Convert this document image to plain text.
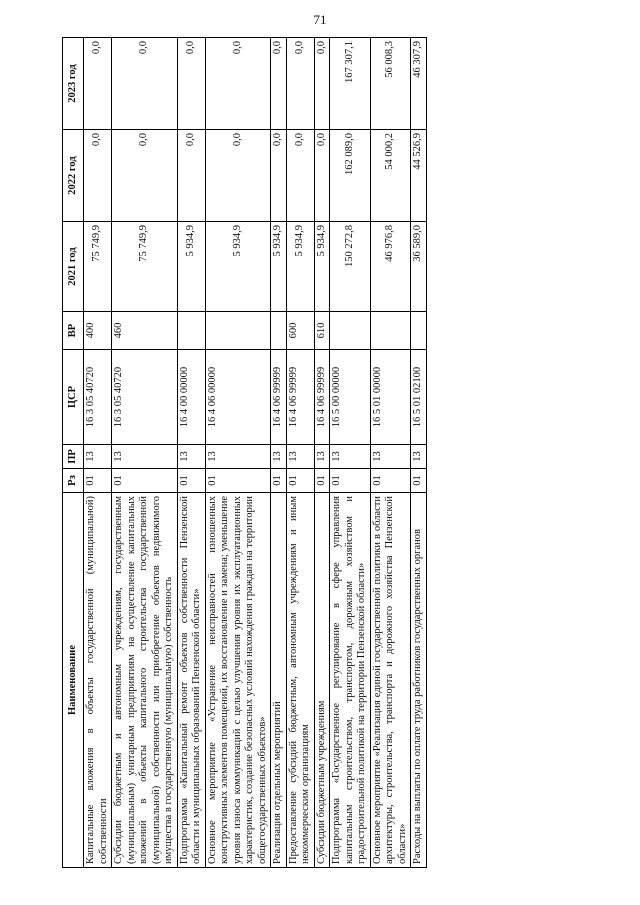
71
Наименование	Рз	ПР	ЦСР	ВР	2021 год	2022 год	2023 год
Капитальные вложения в объекты государственной (муниципальной) собственности	01	13	16 3 05 40720	400	75 749,9	0,0	0,0
Субсидии бюджетным и автономным учреждениям, государственным (муниципальным) унитарным предприятиям на осуществление капитальных вложений в объекты капитального строительства государственной (муниципальной) собственности или приобретение объектов недвижимого имущества в государственную (муниципальную) собственность	01	13	16 3 05 40720	460	75 749,9	0,0	0,0
Подпрограмма «Капитальный ремонт объектов собственности Пензенской области и муниципальных образований Пензенской области»	01	13	16 4 00 00000		5 934,9	0,0	0,0
Основное мероприятие «Устранение неисправностей изношенных конструктивных элементов помещений, их восстановление и замена; уменьшение уровня износа коммуникаций с целью улучшения уровня их эксплуатационных характеристик, создание безопасных условий нахождения граждан на территории общегосударственных объектов»	01	13	16 4 06 00000		5 934,9	0,0	0,0
Реализация отдельных мероприятий	01	13	16 4 06 99999		5 934,9	0,0	0,0
Предоставление субсидий бюджетным, автономным учреждениям и иным некоммерческим организациям	01	13	16 4 06 99999	600	5 934,9	0,0	0,0
Субсидии бюджетным учреждениям	01	13	16 4 06 99999	610	5 934,9	0,0	0,0
Подпрограмма «Государственное регулирование в сфере управления капитальным строительством, транспортом, дорожным хозяйством и градостроительной политикой на территории Пензенской области»	01	13	16 5 00 00000		150 272,8	162 089,0	167 307,1
Основное мероприятие «Реализация единой государственной политики в области архитектуры, строительства, транспорта и дорожного хозяйства Пензенской области»	01	13	16 5 01 00000		46 976,8	54 000,2	56 008,3
Расходы на выплаты по оплате труда работников государственных органов	01	13	16 5 01 02100		36 589,0	44 526,9	46 307,9
